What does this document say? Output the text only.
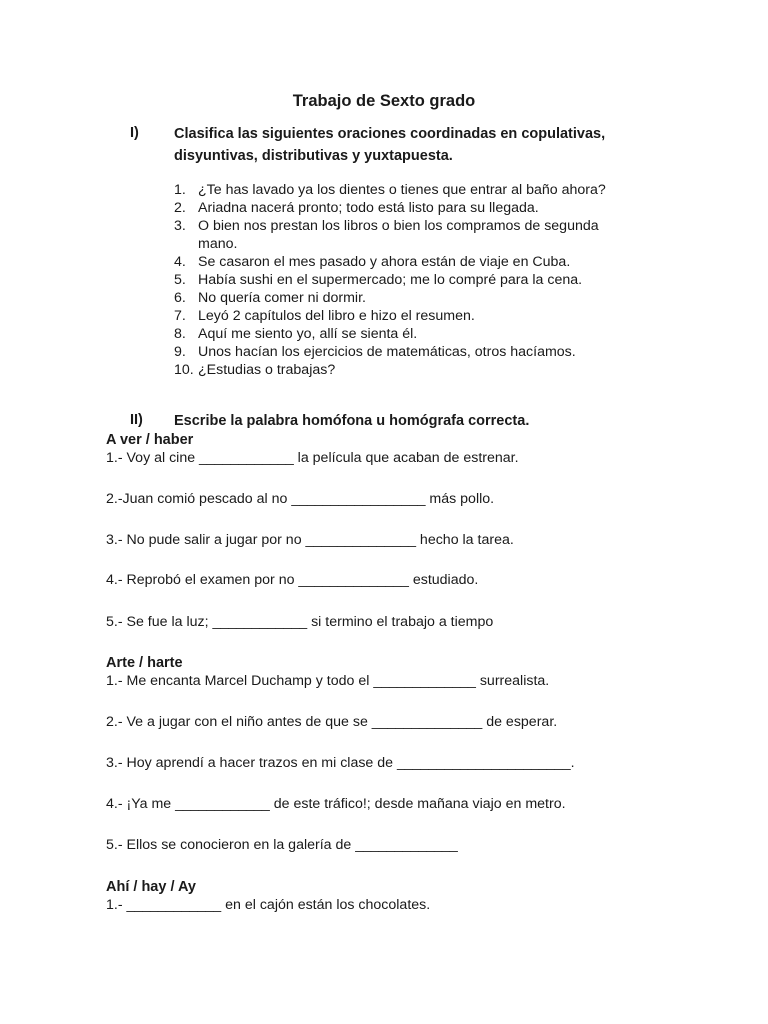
Trabajo de Sexto grado
I) Clasifica las siguientes oraciones coordinadas en copulativas,
disyuntivas, distributivas y yuxtapuesta.
1. ¿Te has lavado ya los dientes o tienes que entrar al baño ahora?
2. Ariadna nacerá pronto; todo está listo para su llegada.
3. O bien nos prestan los libros o bien los compramos de segunda mano.
4. Se casaron el mes pasado y ahora están de viaje en Cuba.
5. Había sushi en el supermercado; me lo compré para la cena.
6. No quería comer ni dormir.
7. Leyó 2 capítulos del libro e hizo el resumen.
8. Aquí me siento yo, allí se sienta él.
9. Unos hacían los ejercicios de matemáticas, otros hacíamos.
10. ¿Estudias o trabajas?
II) Escribe la palabra homófona u homógrafa correcta.
A ver / haber
1.- Voy al cine ____________ la película que acaban de estrenar.
2.-Juan comió pescado al no _________________ más pollo.
3.- No pude salir a jugar por no ______________ hecho la tarea.
4.- Reprobó el examen por no ______________ estudiado.
5.- Se fue la luz; ____________ si termino el trabajo a tiempo
Arte / harte
1.- Me encanta Marcel Duchamp y todo el _____________ surrealista.
2.- Ve a jugar con el niño antes de que se ______________ de esperar.
3.- Hoy aprendí a hacer trazos en mi clase de ______________________.
4.- ¡Ya me ____________ de este tráfico!; desde mañana viajo en metro.
5.- Ellos se conocieron en la galería de _____________
Ahí / hay / Ay
1.- ____________ en el cajón están los chocolates.
